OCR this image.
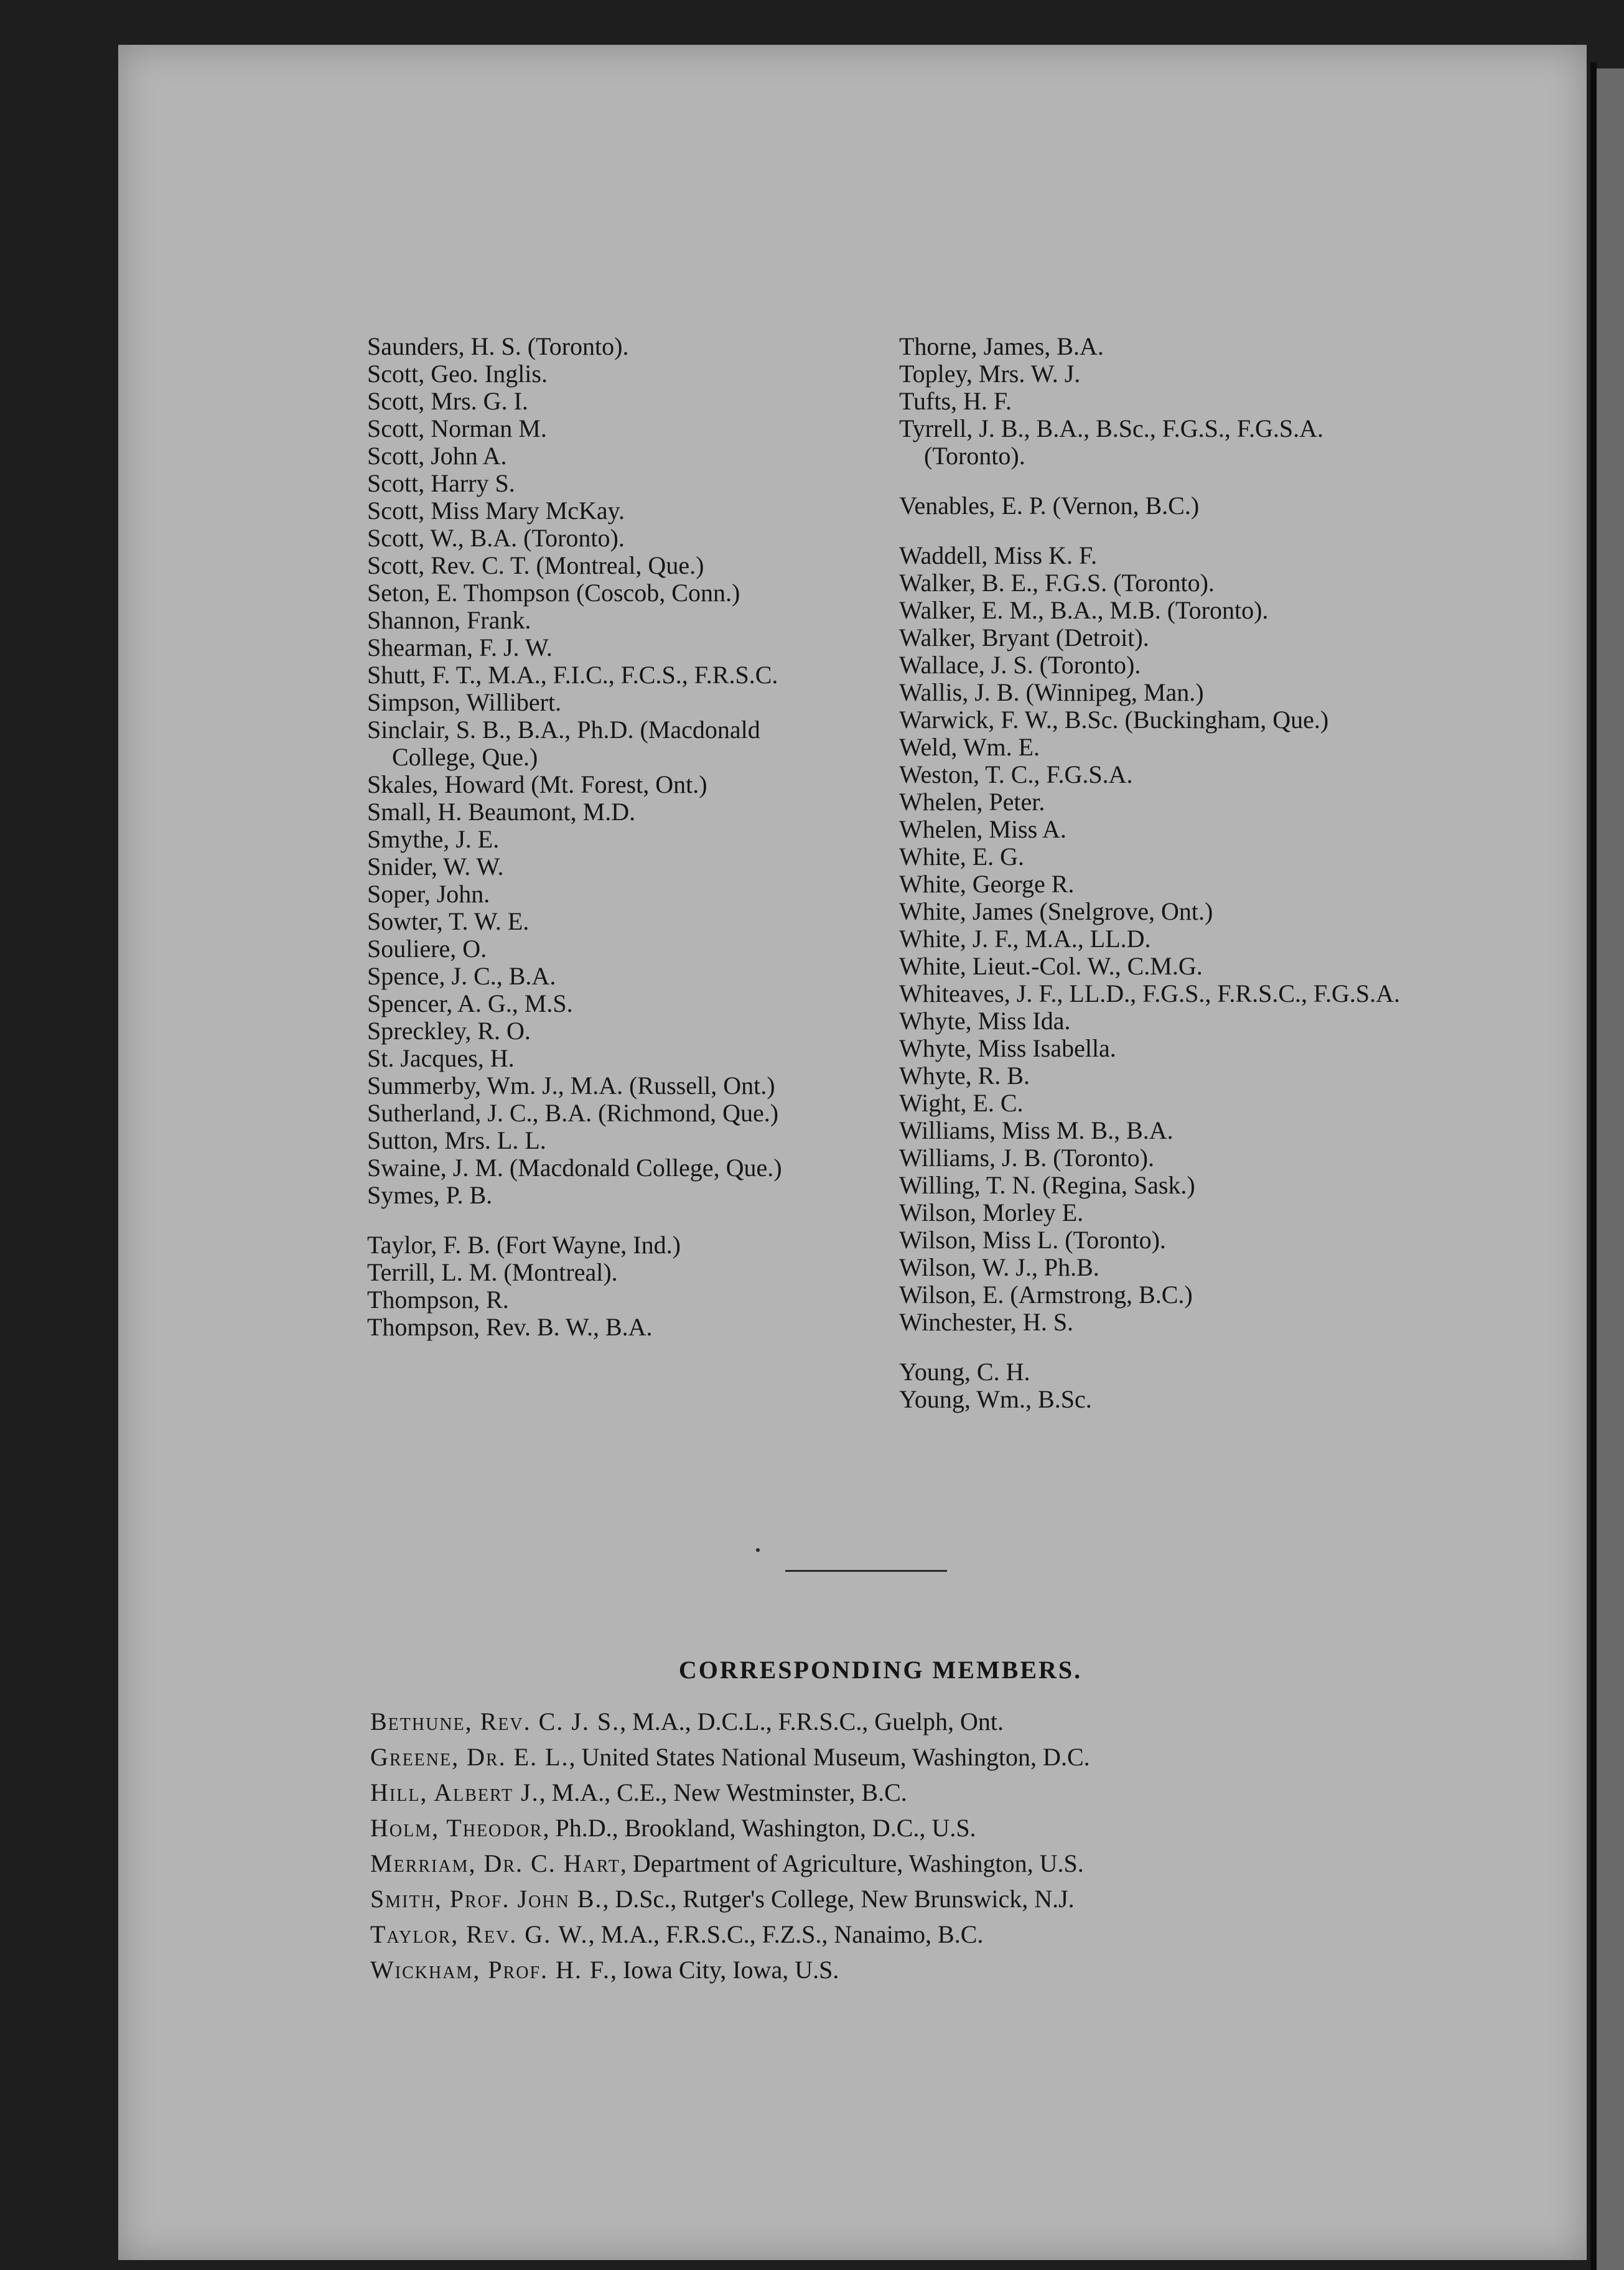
Saunders, H. S. (Toronto).
Scott, Geo. Inglis.
Scott, Mrs. G. I.
Scott, Norman M.
Scott, John A.
Scott, Harry S.
Scott, Miss Mary McKay.
Scott, W., B.A. (Toronto).
Scott, Rev. C. T. (Montreal, Que.)
Seton, E. Thompson (Coscob, Conn.)
Shannon, Frank.
Shearman, F. J. W.
Shutt, F. T., M.A., F.I.C., F.C.S., F.R.S.C.
Simpson, Willibert.
Sinclair, S. B., B.A., Ph.D. (Macdonald College, Que.)
Skales, Howard (Mt. Forest, Ont.)
Small, H. Beaumont, M.D.
Smythe, J. E.
Snider, W. W.
Soper, John.
Sowter, T. W. E.
Souliere, O.
Spence, J. C., B.A.
Spencer, A. G., M.S.
Spreckley, R. O.
St. Jacques, H.
Summerby, Wm. J., M.A. (Russell, Ont.)
Sutherland, J. C., B.A. (Richmond, Que.)
Sutton, Mrs. L. L.
Swaine, J. M. (Macdonald College, Que.)
Symes, P. B.
Taylor, F. B. (Fort Wayne, Ind.)
Terrill, L. M. (Montreal).
Thompson, R.
Thompson, Rev. B. W., B.A.
Thorne, James, B.A.
Topley, Mrs. W. J.
Tufts, H. F.
Tyrrell, J. B., B.A., B.Sc., F.G.S., F.G.S.A. (Toronto).
Venables, E. P. (Vernon, B.C.)
Waddell, Miss K. F.
Walker, B. E., F.G.S. (Toronto).
Walker, E. M., B.A., M.B. (Toronto).
Walker, Bryant (Detroit).
Wallace, J. S. (Toronto).
Wallis, J. B. (Winnipeg, Man.)
Warwick, F. W., B.Sc. (Buckingham, Que.)
Weld, Wm. E.
Weston, T. C., F.G.S.A.
Whelen, Peter.
Whelen, Miss A.
White, E. G.
White, George R.
White, James (Snelgrove, Ont.)
White, J. F., M.A., LL.D.
White, Lieut.-Col. W., C.M.G.
Whiteaves, J. F., LL.D., F.G.S., F.R.S.C., F.G.S.A.
Whyte, Miss Ida.
Whyte, Miss Isabella.
Whyte, R. B.
Wight, E. C.
Williams, Miss M. B., B.A.
Williams, J. B. (Toronto).
Willing, T. N. (Regina, Sask.)
Wilson, Morley E.
Wilson, Miss L. (Toronto).
Wilson, W. J., Ph.B.
Wilson, E. (Armstrong, B.C.)
Winchester, H. S.
Young, C. H.
Young, Wm., B.Sc.
CORRESPONDING MEMBERS.
Bethune, Rev. C. J. S., M.A., D.C.L., F.R.S.C., Guelph, Ont.
Greene, Dr. E. L., United States National Museum, Washington, D.C.
Hill, Albert J., M.A., C.E., New Westminster, B.C.
Holm, Theodor, Ph.D., Brookland, Washington, D.C., U.S.
Merriam, Dr. C. Hart, Department of Agriculture, Washington, U.S.
Smith, Prof. John B., D.Sc., Rutger's College, New Brunswick, N.J.
Taylor, Rev. G. W., M.A., F.R.S.C., F.Z.S., Nanaimo, B.C.
Wickham, Prof. H. F., Iowa City, Iowa, U.S.
